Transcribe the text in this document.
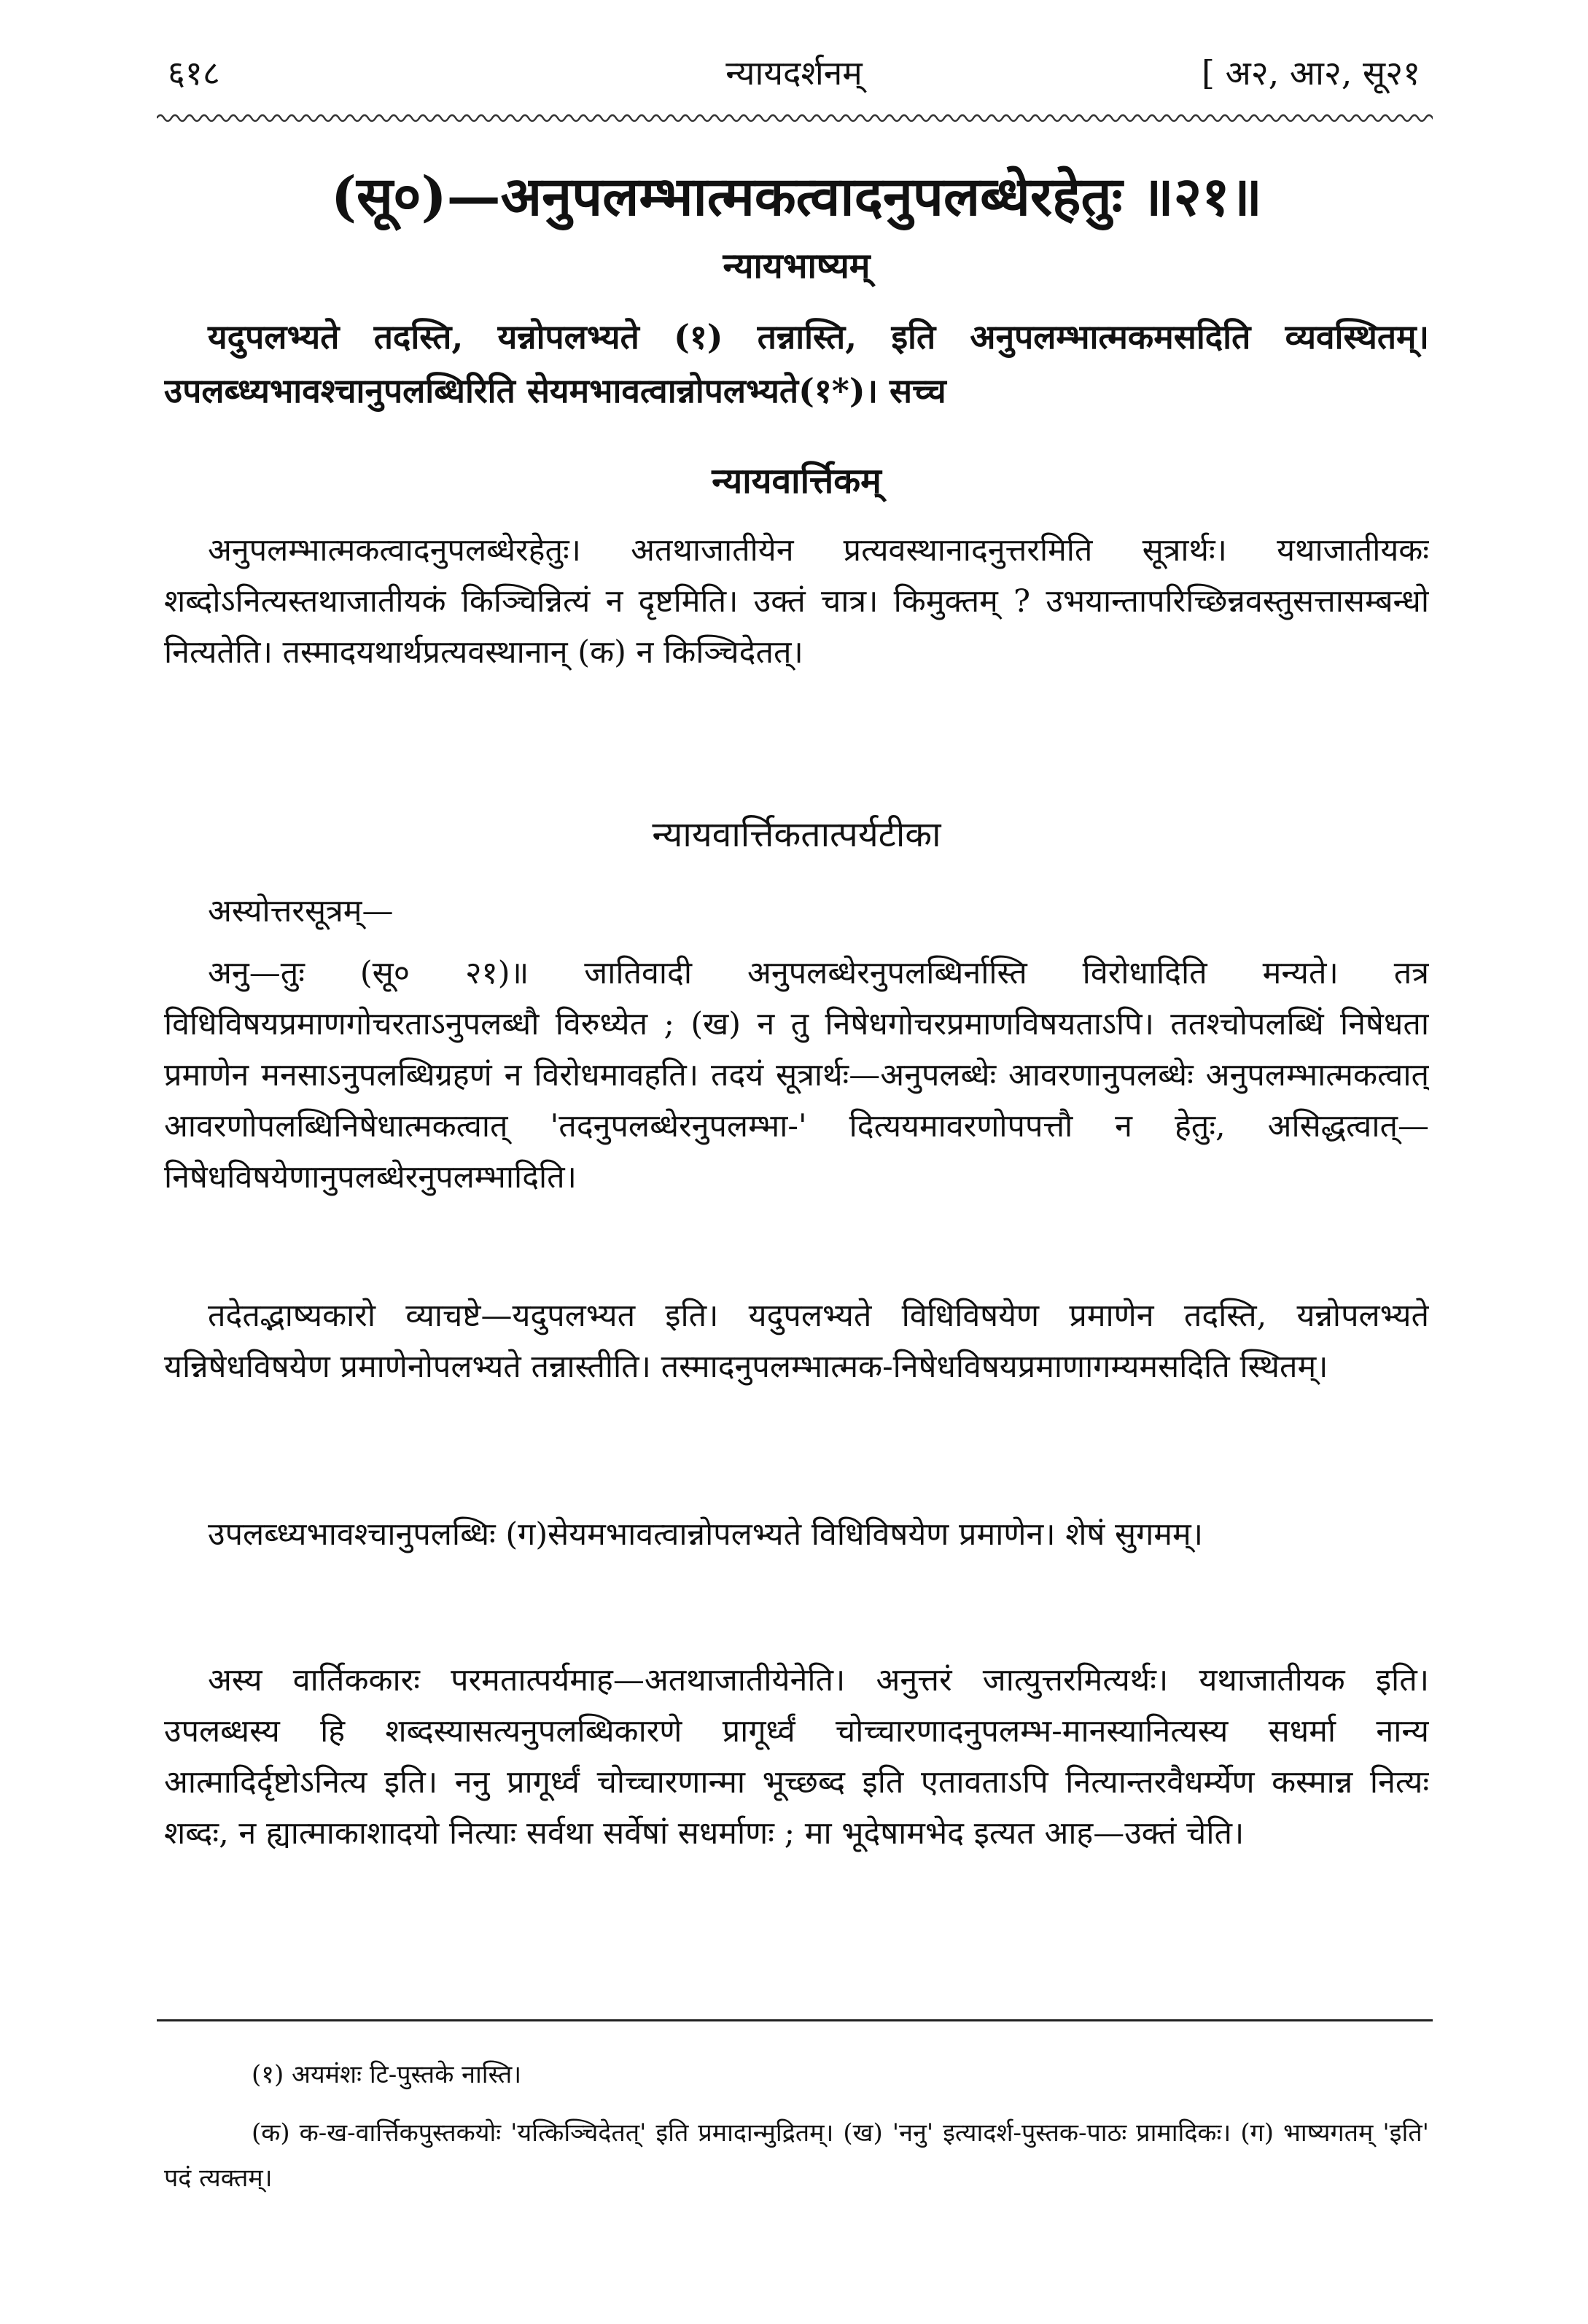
६१८	न्यायदर्शनम्	[ अ२, आ२, सू२१
(सू०)—अनुपलम्भात्मकत्वादनुपलब्धेरहेतुः ॥२१॥
न्यायभाष्यम्
यदुपलभ्यते तदस्ति, यन्नोपलभ्यते (१) तन्नास्ति, इति अनुपलम्भात्मकमसदिति व्यवस्थितम्। उपलब्ध्यभावश्चानुपलब्धिरिति सेयमभावत्वान्नोपलभ्यते(१*)। सच्च
न्यायवार्त्तिकम्
अनुपलम्भात्मकत्वादनुपलब्धेरहेतुः। अतथाजातीयेन प्रत्यवस्थानादनुत्तरमिति सूत्रार्थः। यथाजातीयकः शब्दोऽनित्यस्तथाजातीयकं किञ्चिन्नित्यं न दृष्टमिति। उक्तं चात्र। किमुक्तम् ? उभयान्तापरिच्छिन्नवस्तुसत्तासम्बन्धो नित्यतेति। तस्मादयथार्थप्रत्यवस्थानान् (क) न किञ्चिदेतत्।
न्यायवार्त्तिकतात्पर्यटीका
अस्योत्तरसूत्रम्—
अनु—तुः (सू० २१)॥ जातिवादी अनुपलब्धेरनुपलब्धिर्नास्ति विरोधादिति मन्यते। तत्र विधिविषयप्रमाणगोचरताऽनुपलब्धौ विरुध्येत ; (ख) न तु निषेधगोचरप्रमाणविषयताऽपि। ततश्चोपलब्धिं निषेधता प्रमाणेन मनसाऽनुपलब्धिग्रहणं न विरोधमावहति। तदयं सूत्रार्थः—अनुपलब्धेः आवरणानुपलब्धेः अनुपलम्भात्मकत्वात् आवरणोपलब्धिनिषेधात्मकत्वात् 'तदनुपलब्धेरनुपलम्भा-' दित्ययमावरणोपपत्तौ न हेतुः, असिद्धत्वात्—निषेधविषयेणानुपलब्धेरनुपलम्भादिति।
तदेतद्भाष्यकारो व्याचष्टे—यदुपलभ्यत इति। यदुपलभ्यते विधिविषयेण प्रमाणेन तदस्ति, यन्नोपलभ्यते यन्निषेधविषयेण प्रमाणेनोपलभ्यते तन्नास्तीति। तस्मादनुपलम्भात्मक-निषेधविषयप्रमाणागम्यमसदिति स्थितम्।
उपलब्ध्यभावश्चानुपलब्धिः (ग)सेयमभावत्वान्नोपलभ्यते विधिविषयेण प्रमाणेन। शेषं सुगमम्।
अस्य वार्तिककारः परमतात्पर्यमाह—अतथाजातीयेनेति। अनुत्तरं जात्युत्तरमित्यर्थः। यथाजातीयक इति। उपलब्धस्य हि शब्दस्यासत्यनुपलब्धिकारणे प्रागूर्ध्वं चोच्चारणादनुपलम्भ-मानस्यानित्यस्य सधर्मा नान्य आत्मादिर्दृष्टोऽनित्य इति। ननु प्रागूर्ध्वं चोच्चारणान्मा भूच्छब्द इति एतावताऽपि नित्यान्तरवैधर्म्येण कस्मान्न नित्यः शब्दः, न ह्यात्माकाशादयो नित्याः सर्वथा सर्वेषां सधर्माणः ; मा भूदेषामभेद इत्यत आह—उक्तं चेति।
(१) अयमंशः टि-पुस्तके नास्ति।
(क) क-ख-वार्त्तिकपुस्तकयोः 'यत्किञ्चिदेतत्' इति प्रमादान्मुद्रितम्। (ख) 'ननु' इत्यादर्श-पुस्तक-पाठः प्रामादिकः। (ग) भाष्यगतम् 'इति' पदं त्यक्तम्।
